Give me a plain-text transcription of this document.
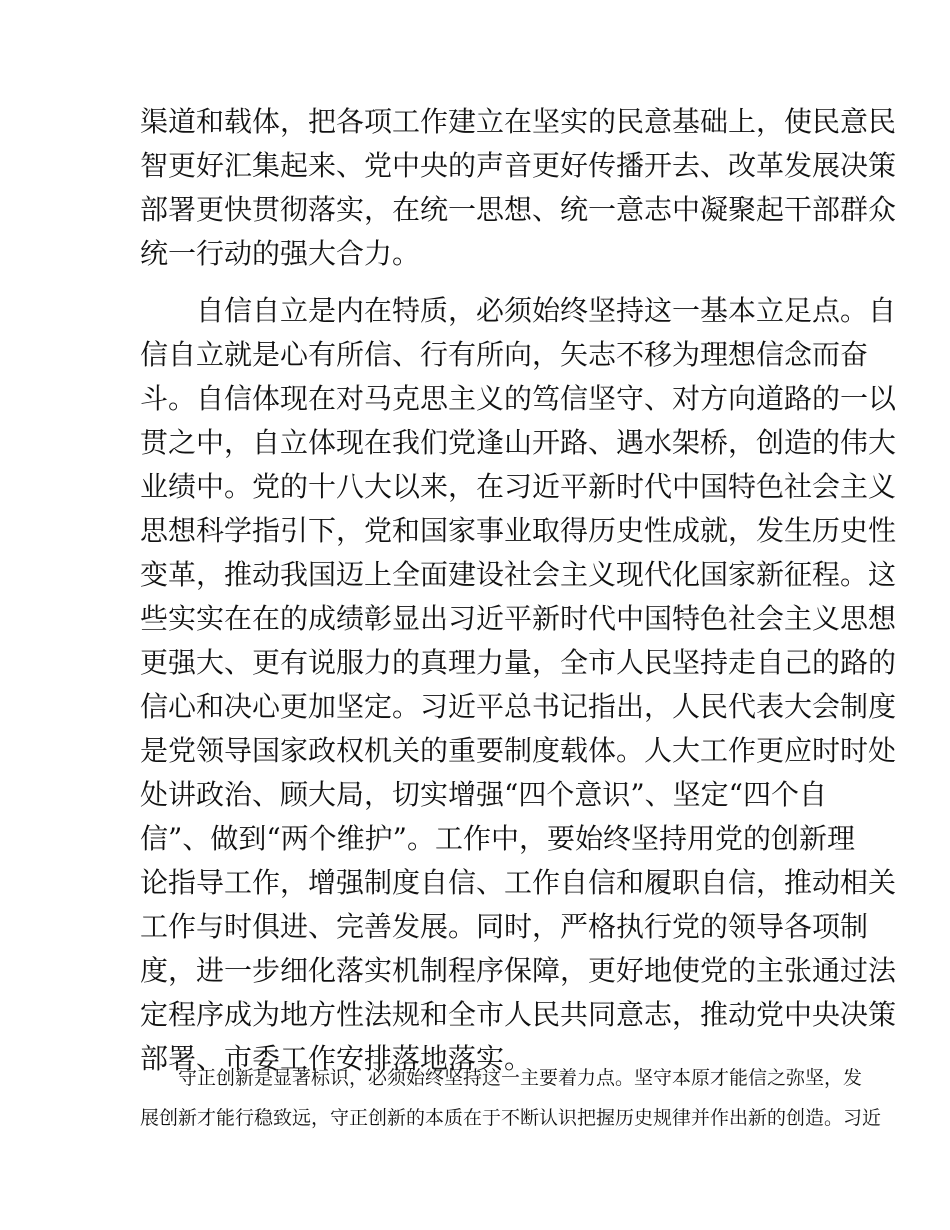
渠道和载体，把各项工作建立在坚实的民意基础上，使民意民
智更好汇集起来、党中央的声音更好传播开去、改革发展决策
部署更快贯彻落实，在统一思想、统一意志中凝聚起干部群众
统一行动的强大合力。
自信自立是内在特质，必须始终坚持这一基本立足点。自
信自立就是心有所信、行有所向，矢志不移为理想信念而奋
斗。自信体现在对马克思主义的笃信坚守、对方向道路的一以
贯之中，自立体现在我们党逢山开路、遇水架桥，创造的伟大
业绩中。党的十八大以来，在习近平新时代中国特色社会主义
思想科学指引下，党和国家事业取得历史性成就，发生历史性
变革，推动我国迈上全面建设社会主义现代化国家新征程。这
些实实在在的成绩彰显出习近平新时代中国特色社会主义思想
更强大、更有说服力的真理力量，全市人民坚持走自己的路的
信心和决心更加坚定。习近平总书记指出，人民代表大会制度
是党领导国家政权机关的重要制度载体。人大工作更应时时处
处讲政治、顾大局，切实增强“四个意识”、坚定“四个自
信”、做到“两个维护”。工作中，要始终坚持用党的创新理
论指导工作，增强制度自信、工作自信和履职自信，推动相关
工作与时俱进、完善发展。同时，严格执行党的领导各项制
度，进一步细化落实机制程序保障，更好地使党的主张通过法
定程序成为地方性法规和全市人民共同意志，推动党中央决策
部署、市委工作安排落地落实。
守正创新是显著标识，必须始终坚持这一主要着力点。坚守本原才能信之弥坚，发
展创新才能行稳致远，守正创新的本质在于不断认识把握历史规律并作出新的创造。习近
